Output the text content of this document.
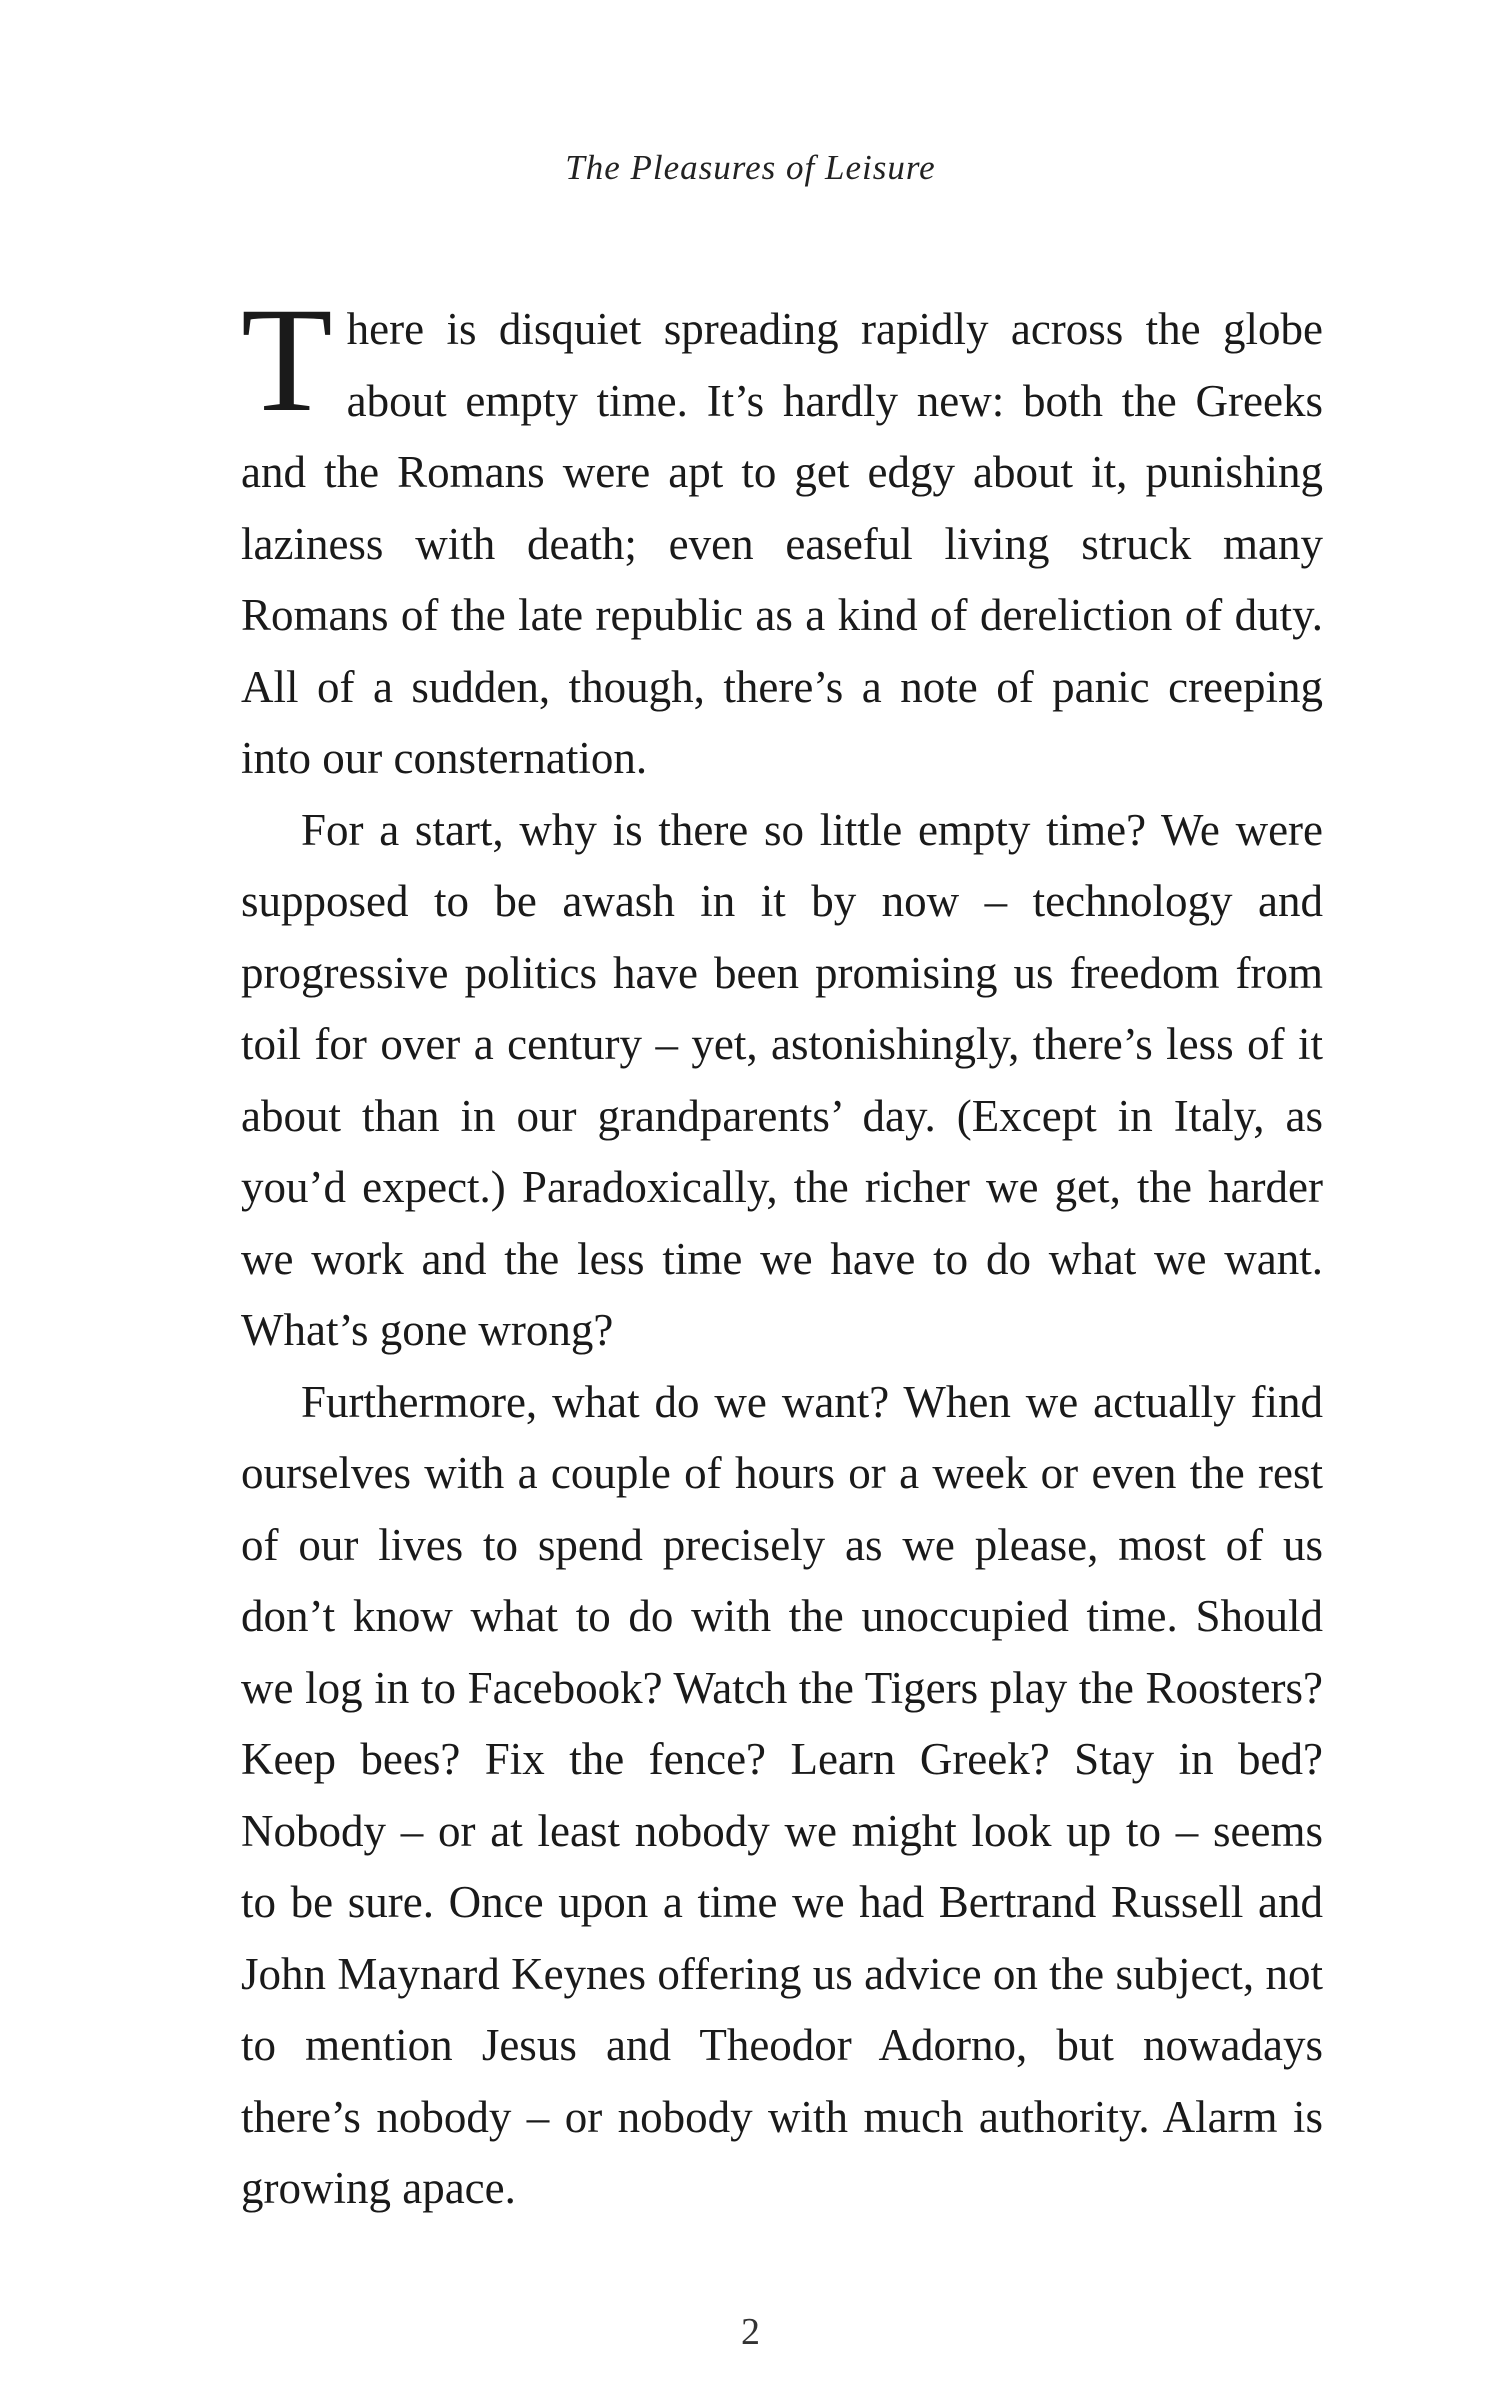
The Pleasures of Leisure

There is disquiet spreading rapidly across the globe about empty time. It’s hardly new: both the Greeks and the Romans were apt to get edgy about it, punishing laziness with death; even easeful living struck many Romans of the late republic as a kind of dereliction of duty. All of a sudden, though, there’s a note of panic creeping into our consternation.

For a start, why is there so little empty time? We were supposed to be awash in it by now – technology and progressive politics have been promising us freedom from toil for over a century – yet, astonishingly, there’s less of it about than in our grandparents’ day. (Except in Italy, as you’d expect.) Paradoxically, the richer we get, the harder we work and the less time we have to do what we want. What’s gone wrong?

Furthermore, what do we want? When we actually find ourselves with a couple of hours or a week or even the rest of our lives to spend precisely as we please, most of us don’t know what to do with the unoccupied time. Should we log in to Facebook? Watch the Tigers play the Roosters? Keep bees? Fix the fence? Learn Greek? Stay in bed? Nobody – or at least nobody we might look up to – seems to be sure. Once upon a time we had Bertrand Russell and John Maynard Keynes offering us advice on the subject, not to mention Jesus and Theodor Adorno, but nowadays there’s nobody – or nobody with much authority. Alarm is growing apace.

2
